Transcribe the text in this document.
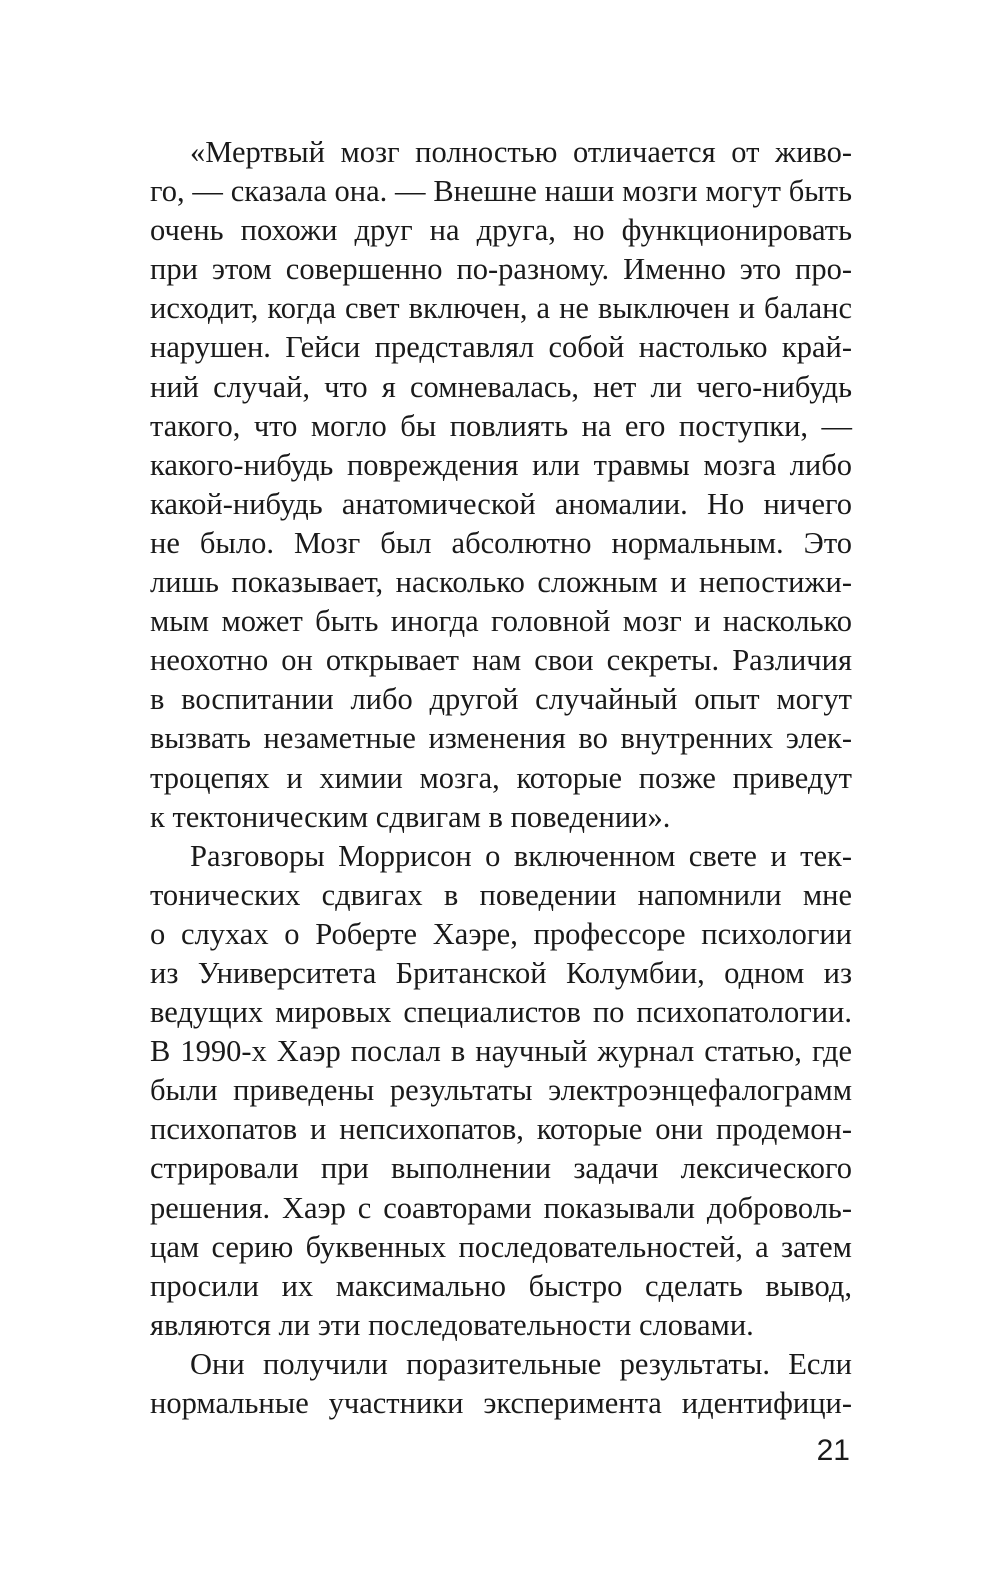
«Мертвый мозг полностью отличается от живо-
го, — сказала она. — Внешне наши мозги могут быть
очень похожи друг на друга, но функционировать
при этом совершенно по-разному. Именно это про-
исходит, когда свет включен, а не выключен и баланс
нарушен. Гейси представлял собой настолько край-
ний случай, что я сомневалась, нет ли чего-нибудь
такого, что могло бы повлиять на его поступки, —
какого-нибудь повреждения или травмы мозга либо
какой-нибудь анатомической аномалии. Но ничего
не было. Мозг был абсолютно нормальным. Это
лишь показывает, насколько сложным и непостижи-
мым может быть иногда головной мозг и насколько
неохотно он открывает нам свои секреты. Различия
в воспитании либо другой случайный опыт могут
вызвать незаметные изменения во внутренних элек-
троцепях и химии мозга, которые позже приведут
к тектоническим сдвигам в поведении».
Разговоры Моррисон о включенном свете и тек-
тонических сдвигах в поведении напомнили мне
о слухах о Роберте Хаэре, профессоре психологии
из Университета Британской Колумбии, одном из
ведущих мировых специалистов по психопатологии.
В 1990-х Хаэр послал в научный журнал статью, где
были приведены результаты электроэнцефалограмм
психопатов и непсихопатов, которые они продемон-
стрировали при выполнении задачи лексического
решения. Хаэр с соавторами показывали доброволь-
цам серию буквенных последовательностей, а затем
просили их максимально быстро сделать вывод,
являются ли эти последовательности словами.
Они получили поразительные результаты. Если
нормальные участники эксперимента идентифици-
21
